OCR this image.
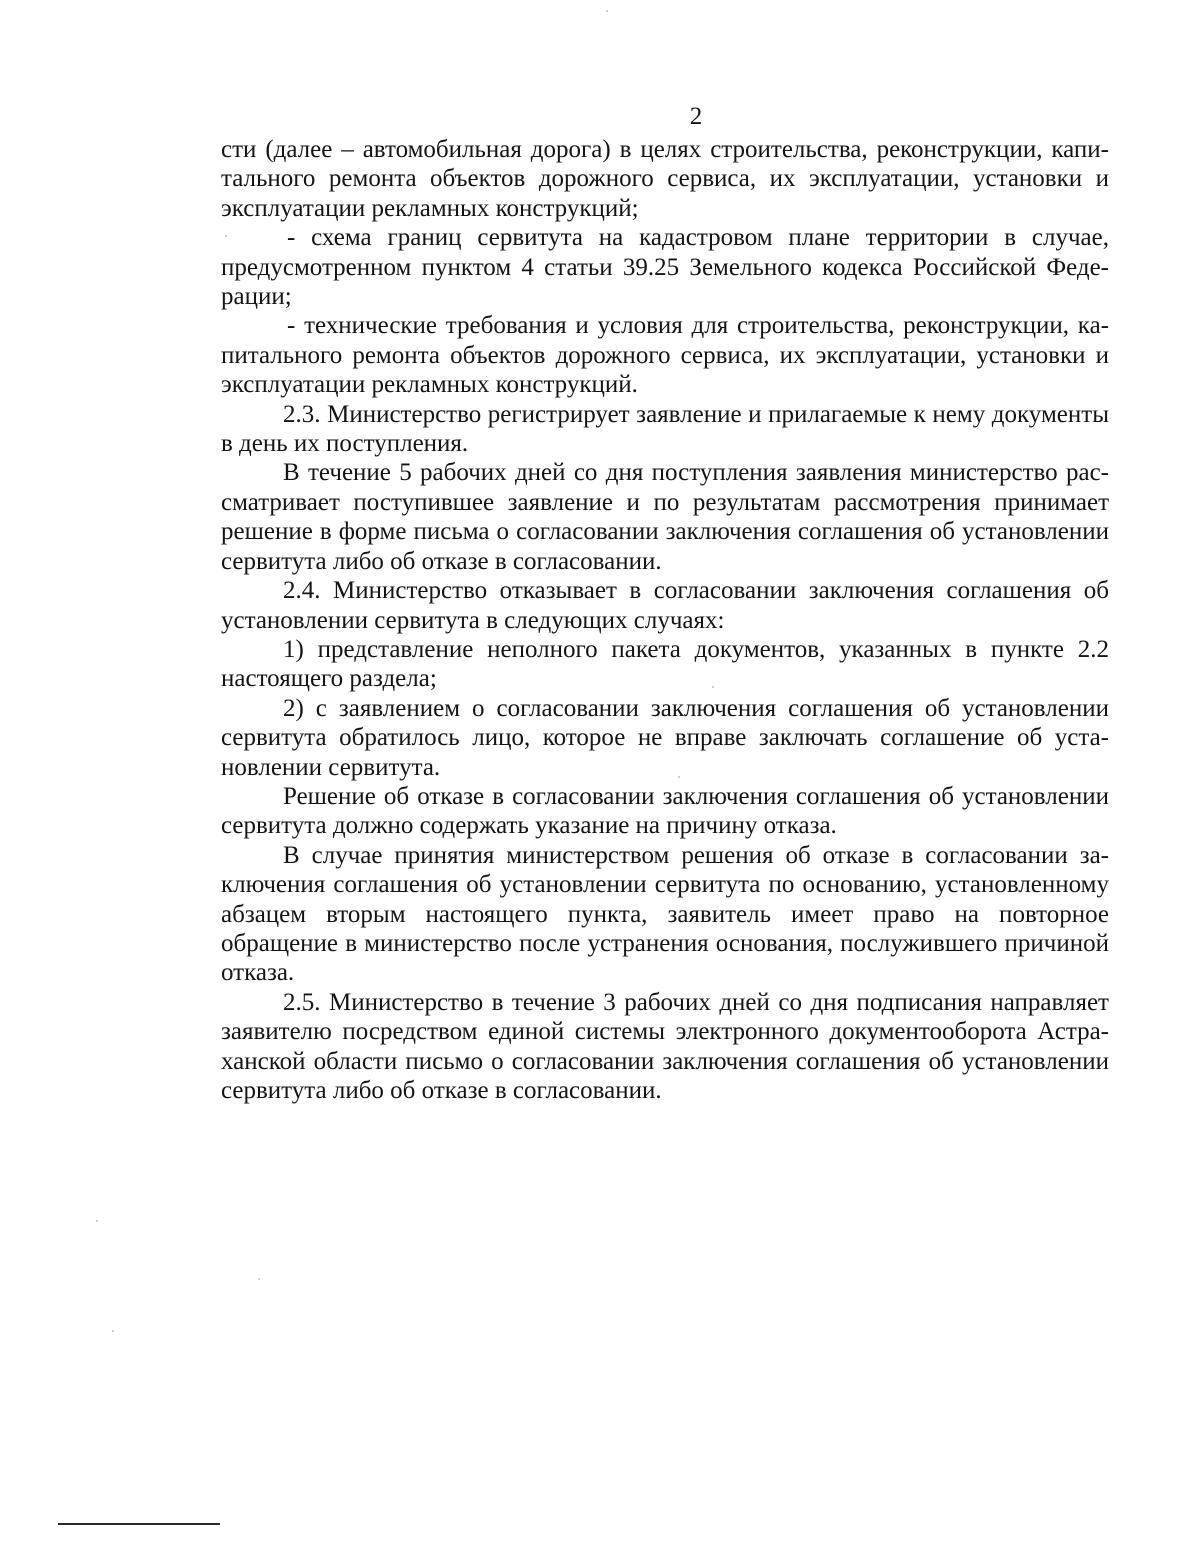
2

сти (далее – автомобильная дорога) в целях строительства, реконструкции, капитального ремонта объектов дорожного сервиса, их эксплуатации, установки и эксплуатации рекламных конструкций;

- схема границ сервитута на кадастровом плане территории в случае, предусмотренном пунктом 4 статьи 39.25 Земельного кодекса Российской Федерации;

- технические требования и условия для строительства, реконструкции, капитального ремонта объектов дорожного сервиса, их эксплуатации, установки и эксплуатации рекламных конструкций.

2.3. Министерство регистрирует заявление и прилагаемые к нему документы в день их поступления.

В течение 5 рабочих дней со дня поступления заявления министерство рассматривает поступившее заявление и по результатам рассмотрения принимает решение в форме письма о согласовании заключения соглашения об установлении сервитута либо об отказе в согласовании.

2.4. Министерство отказывает в согласовании заключения соглашения об установлении сервитута в следующих случаях:

1) представление неполного пакета документов, указанных в пункте 2.2 настоящего раздела;

2) с заявлением о согласовании заключения соглашения об установлении сервитута обратилось лицо, которое не вправе заключать соглашение об установлении сервитута.

Решение об отказе в согласовании заключения соглашения об установлении сервитута должно содержать указание на причину отказа.

В случае принятия министерством решения об отказе в согласовании заключения соглашения об установлении сервитута по основанию, установленному абзацем вторым настоящего пункта, заявитель имеет право на повторное обращение в министерство после устранения основания, послужившего причиной отказа.

2.5. Министерство в течение 3 рабочих дней со дня подписания направляет заявителю посредством единой системы электронного документооборота Астраханской области письмо о согласовании заключения соглашения об установлении сервитута либо об отказе в согласовании.
